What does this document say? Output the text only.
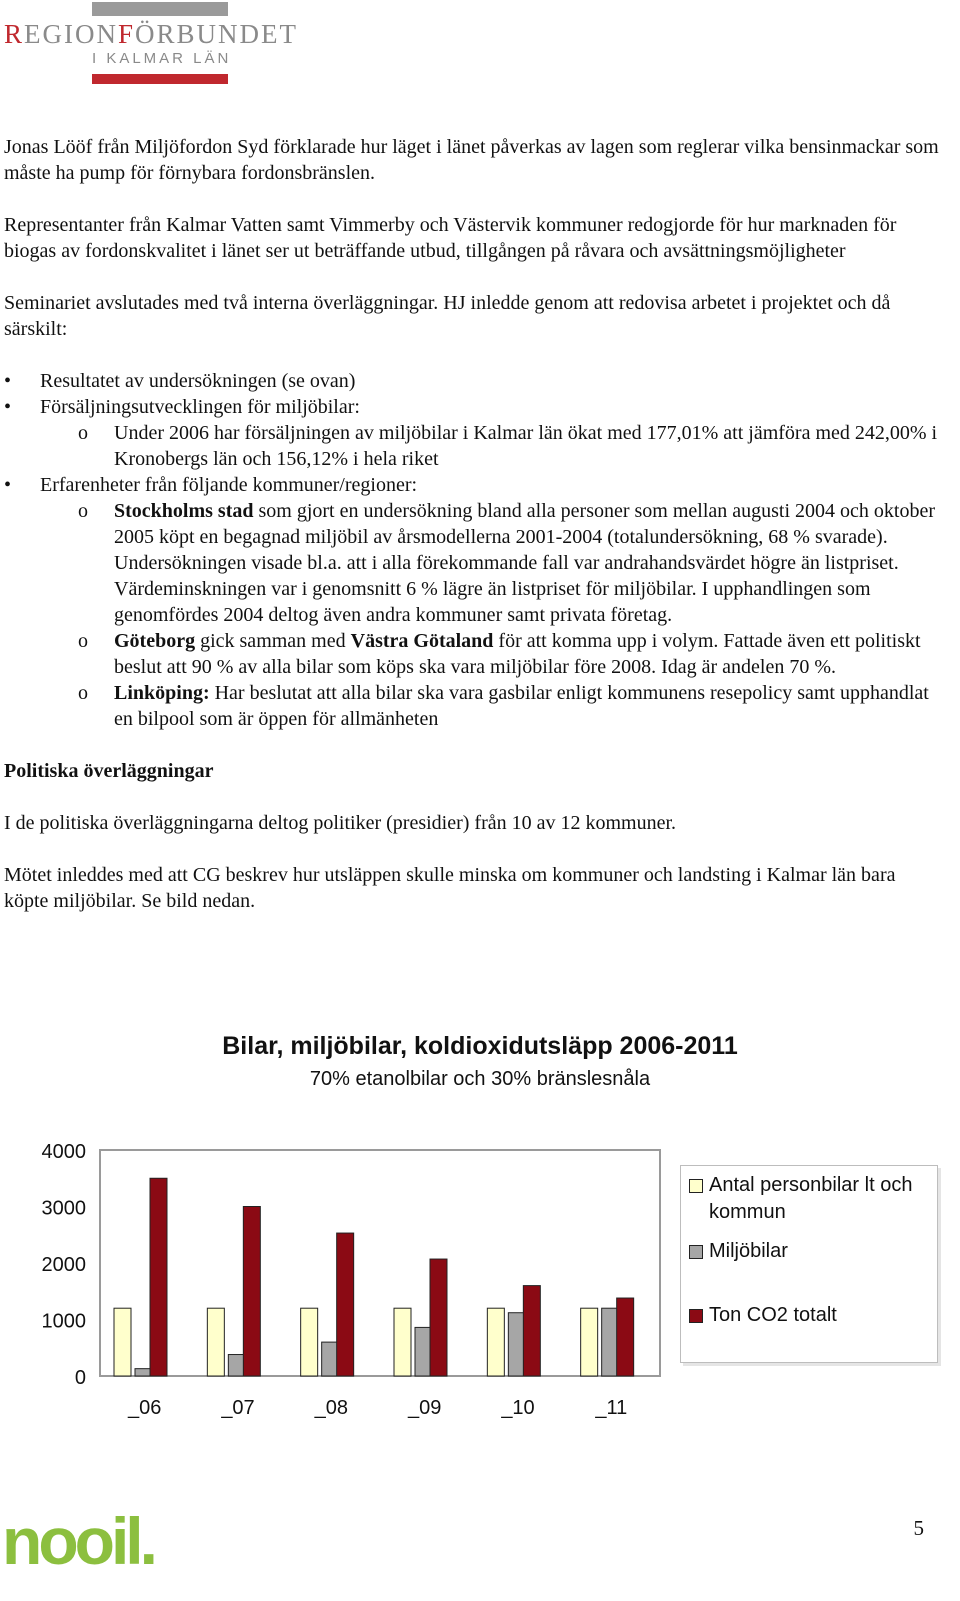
REGIONFÖRBUNDET
I KALMAR LÄN

Jonas Lööf från Miljöfordon Syd förklarade hur läget i länet påverkas av lagen som reglerar vilka bensinmackar som måste ha pump för förnybara fordonsbränslen.

Representanter från Kalmar Vatten samt Vimmerby och Västervik kommuner redogjorde för hur marknaden för biogas av fordonskvalitet i länet ser ut beträffande utbud, tillgången på råvara och avsättningsmöjligheter

Seminariet avslutades med två interna överläggningar. HJ inledde genom att redovisa arbetet i projektet och då särskilt:

• Resultatet av undersökningen (se ovan)
• Försäljningsutvecklingen för miljöbilar:
o	Under 2006 har försäljningen av miljöbilar i Kalmar län ökat med 177,01% att jämföra med 242,00% i Kronobergs län och 156,12% i hela riket
• Erfarenheter från följande kommuner/regioner:
o	Stockholms stad som gjort en undersökning bland alla personer som mellan augusti 2004 och oktober 2005 köpt en begagnad miljöbil av årsmodellerna 2001-2004 (totalundersökning, 68 % svarade). Undersökningen visade bl.a. att i alla förekommande fall var andrahandsvärdet högre än listpriset. Värdeminskningen var i genomsnitt 6 % lägre än listpriset för miljöbilar. I upphandlingen som genomfördes 2004 deltog även andra kommuner samt privata företag.
o	Göteborg gick samman med Västra Götaland för att komma upp i volym. Fattade även ett politiskt beslut att 90 % av alla bilar som köps ska vara miljöbilar före 2008. Idag är andelen 70 %.
o	Linköping: Har beslutat att alla bilar ska vara gasbilar enligt kommunens resepolicy samt upphandlat en bilpool som är öppen för allmänheten

Politiska överläggningar

I de politiska överläggningarna deltog politiker (presidier) från 10 av 12 kommuner.

Mötet inleddes med att CG beskrev hur utsläppen skulle minska om kommuner och landsting i Kalmar län bara köpte miljöbilar. Se bild nedan.

Bilar, miljöbilar, koldioxidutsläpp 2006-2011
70% etanolbilar och 30% bränslesnåla
0
1000
2000
3000
4000
_06	_07	_08	_09	_10	_11
Antal personbilar lt och kommun
Miljöbilar
Ton CO2 totalt
nooil.	5
